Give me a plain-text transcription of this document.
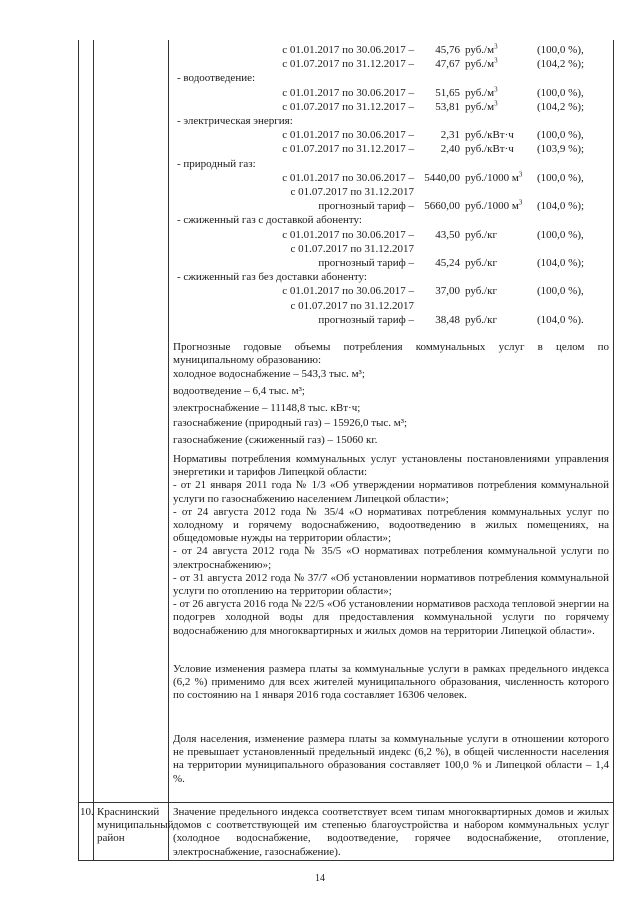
с 01.01.2017 по 30.06.2017 –	45,76 $руб./м^3$	(100,0 %),
с 01.07.2017 по 31.12.2017 –	47,67 $руб./м^3$	(104,2 %);
- водоотведение:
с 01.01.2017 по 30.06.2017 –	51,65 $руб./м^3$	(100,0 %),
с 01.07.2017 по 31.12.2017 –	53,81 $руб./м^3$	(104,2 %);
- электрическая энергия:
с 01.01.2017 по 30.06.2017 –	2,31 руб./кВт·ч (100,0 %),
с 01.07.2017 по 31.12.2017 –	2,40 руб./кВт·ч (103,9 %);
- природный газ:
с 01.01.2017 по 30.06.2017 – 5440,00 руб./1000 $м^3$ (100,0 %),
с 01.07.2017 по 31.12.2017
прогнозный тариф – 5660,00 руб./1000 $м^3$ (104,0 %);
- сжиженный газ с доставкой абоненту:
с 01.01.2017 по 30.06.2017 –	43,50 руб./кг	(100,0 %),
с 01.07.2017 по 31.12.2017
прогнозный тариф –	45,24 руб./кг	(104,0 %);
- сжиженный газ без доставки абоненту:
с 01.01.2017 по 30.06.2017 –	37,00 руб./кг	(100,0 %),
с 01.07.2017 по 31.12.2017
прогнозный тариф –	38,48 руб./кг	(104,0 %).

Прогнозные годовые объемы потребления коммунальных услуг в целом по муниципальному образованию:

холодное водоснабжение – 543,3 тыс. м³;

водоотведение – 6,4 тыс. м³;

электроснабжение – 11148,8 тыс. кВт·ч;

газоснабжение (природный газ) – 15926,0 тыс. м³;

газоснабжение (сжиженный газ) – 15060 кг.

Нормативы потребления коммунальных услуг установлены постановлениями управления энергетики и тарифов Липецкой области:

- от 21 января 2011 года № 1/3 «Об утверждении нормативов потребления коммунальной услуги по газоснабжению населением Липецкой области»;

- от 24 августа 2012 года № 35/4 «О нормативах потребления коммунальных услуг по холодному и горячему водоснабжению, водоотведению в жилых помещениях, на общедомовые нужды на территории области»;

- от 24 августа 2012 года № 35/5 «О нормативах потребления коммунальной услуги по электроснабжению»;

- от 31 августа 2012 года № 37/7 «Об установлении нормативов потребления коммунальной услуги по отоплению на территории области»;

- от 26 августа 2016 года № 22/5 «Об установлении нормативов расхода тепловой энергии на подогрев холодной воды для предоставления коммунальной услуги по горячему водоснабжению для многоквартирных и жилых домов на территории Липецкой области».

Условие изменения размера платы за коммунальные услуги в рамках предельного индекса (6,2 %) применимо для всех жителей муниципального образования, численность которого по состоянию на 1 января 2016 года составляет 16306 человек.

Доля населения, изменение размера платы за коммунальные услуги в отношении которого не превышает установленный предельный индекс (6,2 %), в общей численности населения на территории муниципального образования составляет 100,0 % и Липецкой области – 1,4 %.

10. Краснинский муниципальный район

Значение предельного индекса соответствует всем типам многоквартирных домов и жилых домов с соответствующей им степенью благоустройства и набором коммунальных услуг (холодное водоснабжение, водоотведение, горячее водоснабжение, отопление, электроснабжение, газоснабжение).

14
